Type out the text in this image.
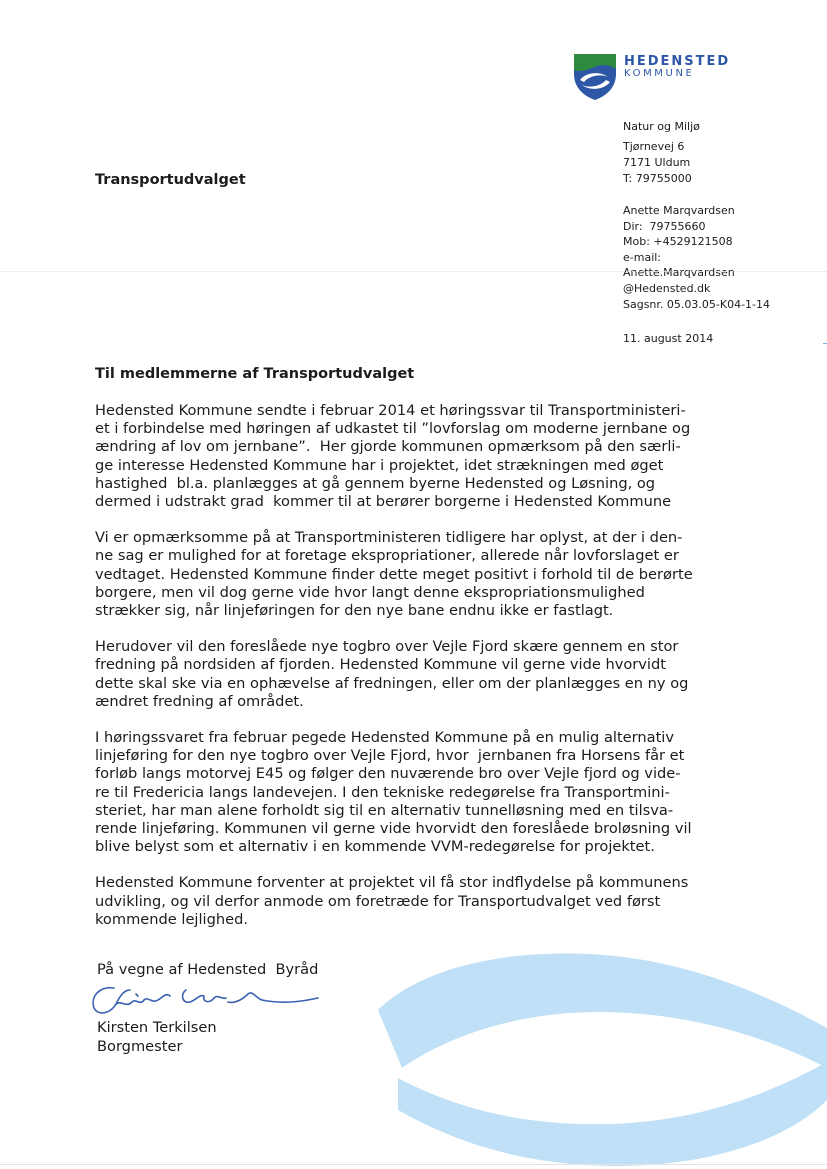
HEDENSTED
KOMMUNE
Natur og Miljø
Tjørnevej 6
7171 Uldum
T: 79755000
Anette Marqvardsen
Dir:  79755660
Mob: +4529121508
e-mail:
Anette.Marqvardsen
@Hedensted.dk
Sagsnr. 05.03.05-K04-1-14
11. august 2014
Transportudvalget
Til medlemmerne af Transportudvalget
Hedensted Kommune sendte i februar 2014 et høringssvar til Transportministeri-
et i forbindelse med høringen af udkastet til ”lovforslag om moderne jernbane og
ændring af lov om jernbane”.  Her gjorde kommunen opmærksom på den særli-
ge interesse Hedensted Kommune har i projektet, idet strækningen med øget
hastighed  bl.a. planlægges at gå gennem byerne Hedensted og Løsning, og
dermed i udstrakt grad  kommer til at berører borgerne i Hedensted Kommune
Vi er opmærksomme på at Transportministeren tidligere har oplyst, at der i den-
ne sag er mulighed for at foretage ekspropriationer, allerede når lovforslaget er
vedtaget. Hedensted Kommune finder dette meget positivt i forhold til de berørte
borgere, men vil dog gerne vide hvor langt denne ekspropriationsmulighed
strækker sig, når linjeføringen for den nye bane endnu ikke er fastlagt.
Herudover vil den foreslåede nye togbro over Vejle Fjord skære gennem en stor
fredning på nordsiden af fjorden. Hedensted Kommune vil gerne vide hvorvidt
dette skal ske via en ophævelse af fredningen, eller om der planlægges en ny og
ændret fredning af området.
I høringssvaret fra februar pegede Hedensted Kommune på en mulig alternativ
linjeføring for den nye togbro over Vejle Fjord, hvor  jernbanen fra Horsens får et
forløb langs motorvej E45 og følger den nuværende bro over Vejle fjord og vide-
re til Fredericia langs landevejen. I den tekniske redegørelse fra Transportmini-
steriet, har man alene forholdt sig til en alternativ tunnelløsning med en tilsva-
rende linjeføring. Kommunen vil gerne vide hvorvidt den foreslåede broløsning vil
blive belyst som et alternativ i en kommende VVM-redegørelse for projektet.
Hedensted Kommune forventer at projektet vil få stor indflydelse på kommunens
udvikling, og vil derfor anmode om foretræde for Transportudvalget ved først
kommende lejlighed.
På vegne af Hedensted  Byråd
Kirsten Terkilsen
Borgmester
